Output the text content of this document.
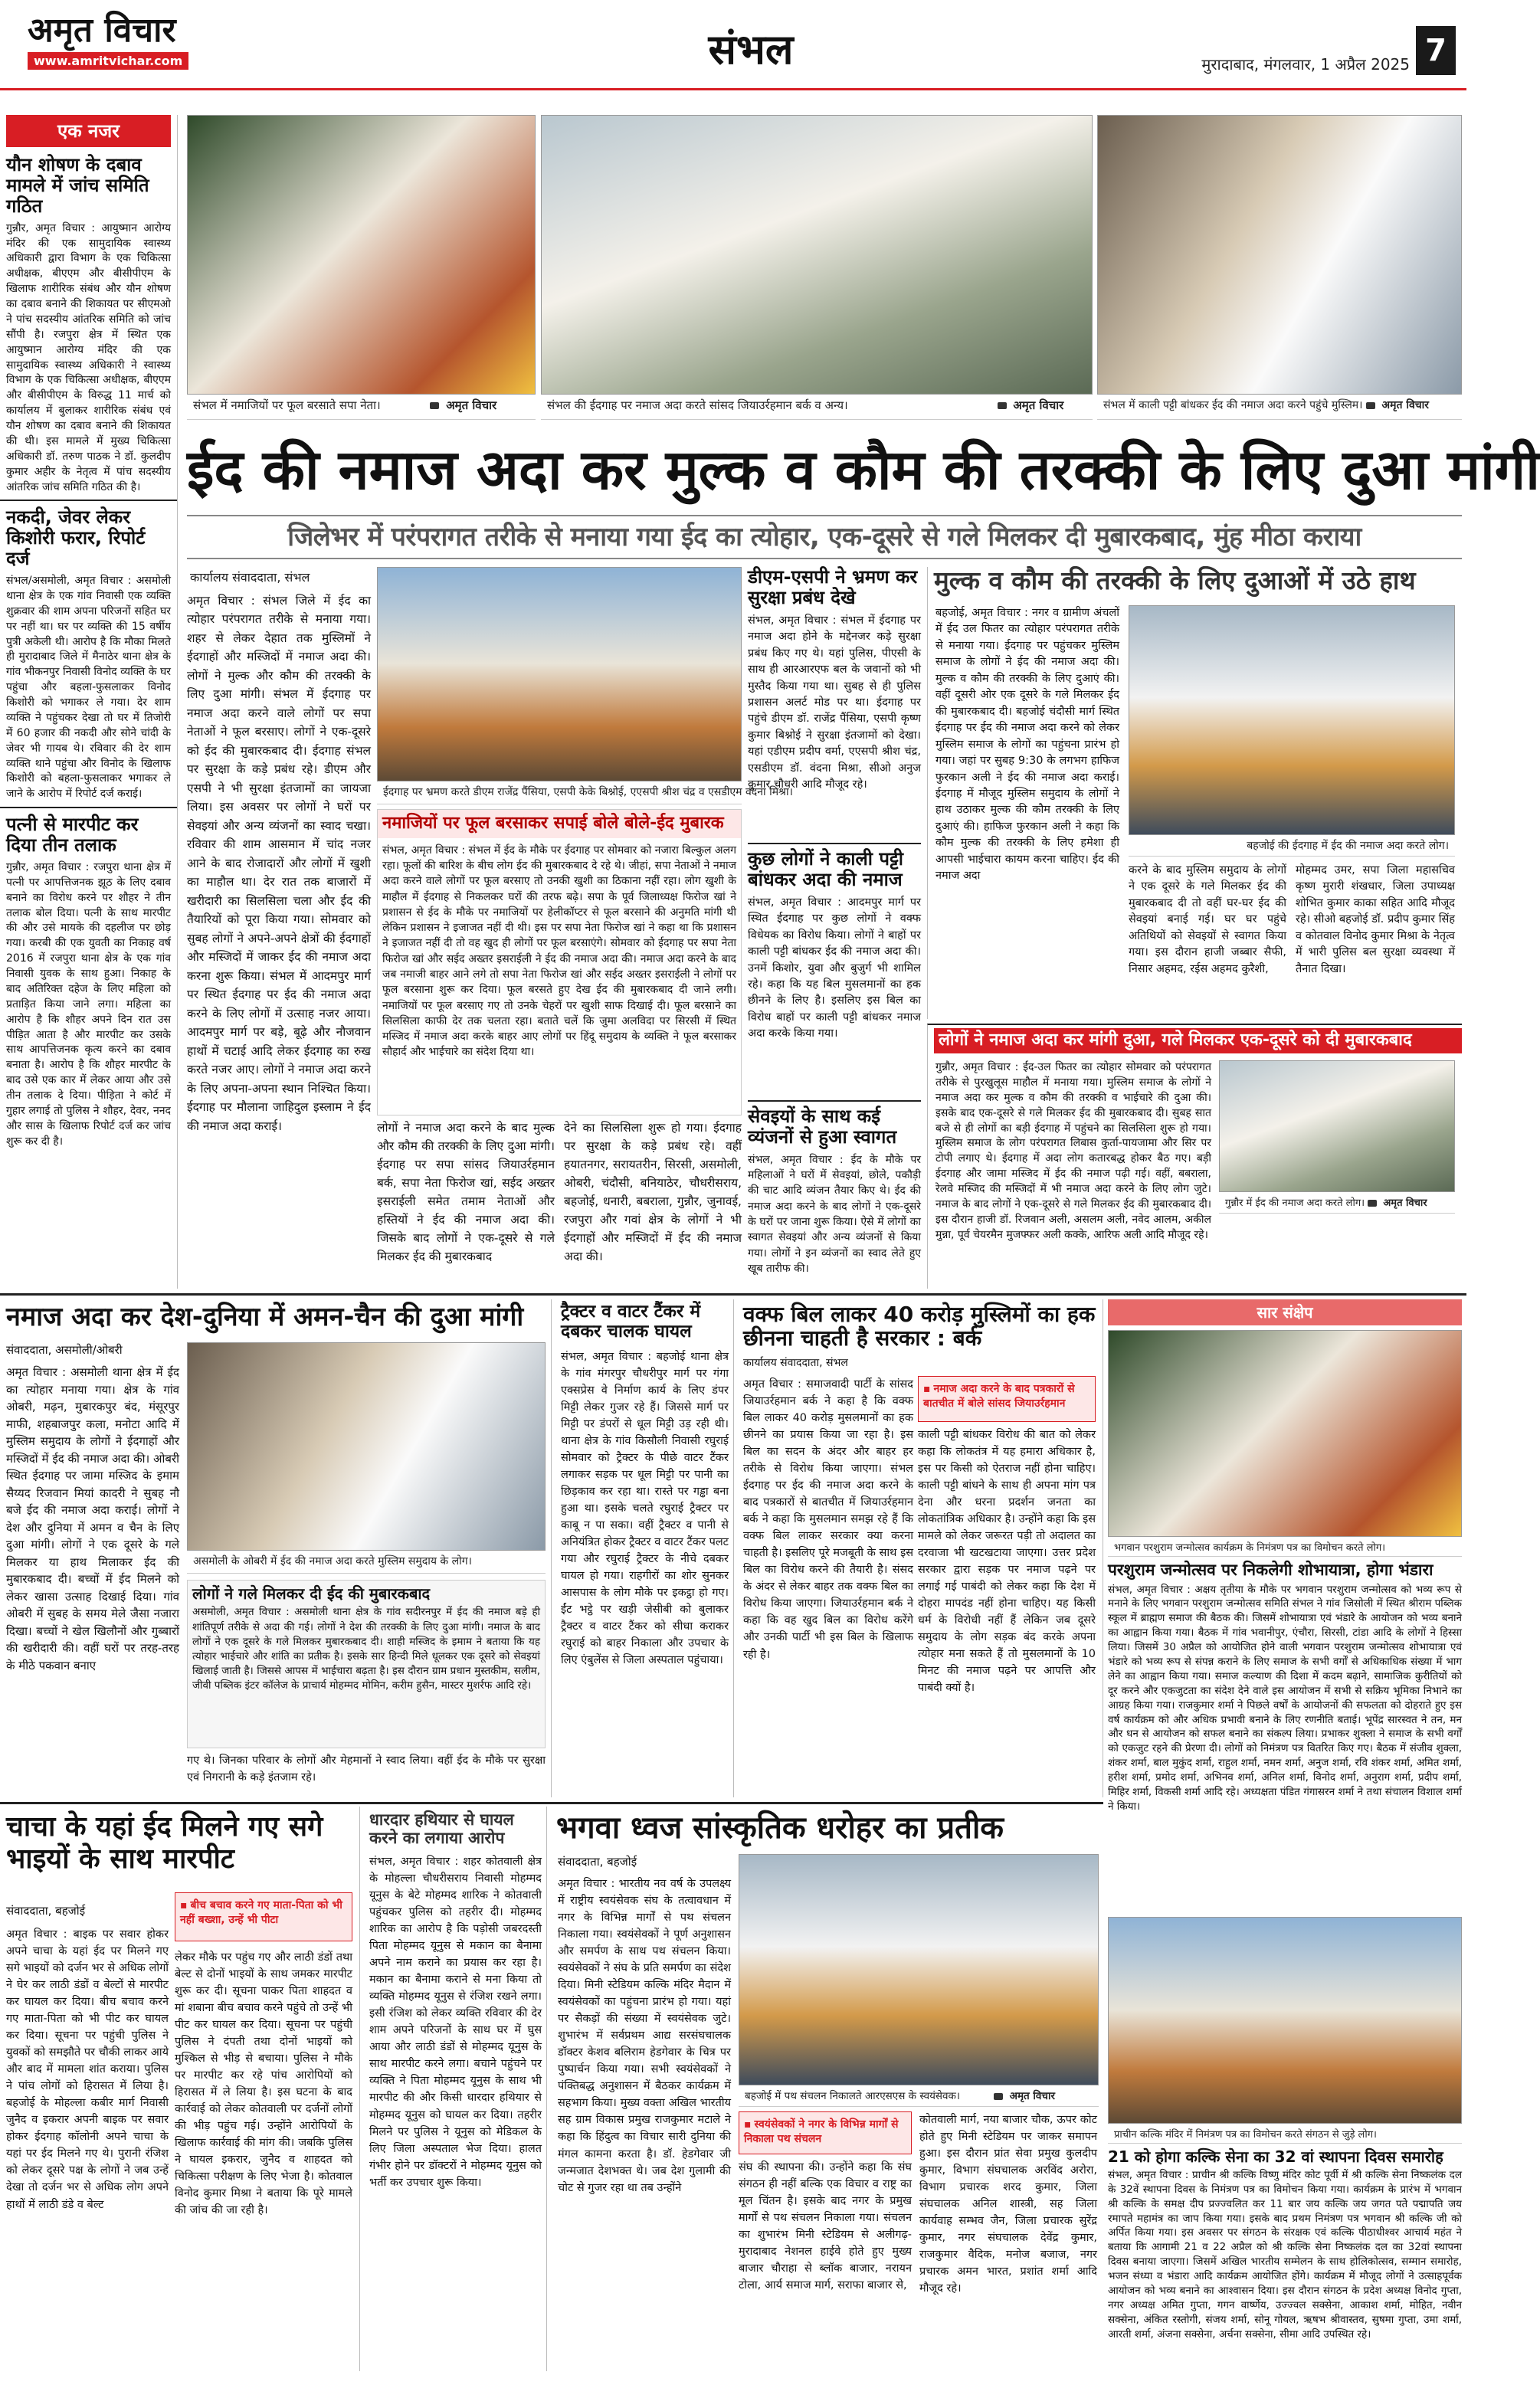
अमृत विचार
www.amritvichar.com	संभल	मुरादाबाद, मंगलवार, 1 अप्रैल 2025 7
एक नजर
यौन शोषण के दबाव मामले में जांच समिति गठित
गुन्नौर, अमृत विचार : आयुष्मान आरोग्य मंदिर की एक सामुदायिक स्वास्थ्य अधिकारी द्वारा विभाग के एक चिकित्सा अधीक्षक, बीएएम और बीसीपीएम के खिलाफ शारीरिक संबंध और यौन शोषण का दबाव बनाने की शिकायत पर सीएमओ ने पांच सदस्यीय आंतरिक समिति को जांच सौंपी है। रजपुरा क्षेत्र में स्थित एक आयुष्मान आरोग्य मंदिर की एक सामुदायिक स्वास्थ्य अधिकारी ने स्वास्थ्य विभाग के एक चिकित्सा अधीक्षक, बीएएम और बीसीपीएम के विरुद्ध 11 मार्च को कार्यालय में बुलाकर शारीरिक संबंध एवं यौन शोषण का दबाव बनाने की शिकायत की थी। इस मामले में मुख्य चिकित्सा अधिकारी डॉ. तरुण पाठक ने डॉ. कुलदीप कुमार अहीर के नेतृत्व में पांच सदस्यीय आंतरिक जांच समिति गठित की है।
नकदी, जेवर लेकर किशोरी फरार, रिपोर्ट दर्ज
संभल/असमोली, अमृत विचार : असमोली थाना क्षेत्र के एक गांव निवासी एक व्यक्ति शुक्रवार की शाम अपना परिजनों सहित घर पर नहीं था। घर पर व्यक्ति की 15 वर्षीय पुत्री अकेली थी। आरोप है कि मौका मिलते ही मुरादाबाद जिले में मैनाठेर थाना क्षेत्र के गांव भीकनपुर निवासी विनोद व्यक्ति के घर पहुंचा और बहला-फुसलाकर विनोद किशोरी को भगाकर ले गया। देर शाम व्यक्ति ने पहुंचकर देखा तो घर में तिजोरी में 60 हजार की नकदी और सोने चांदी के जेवर भी गायब थे। रविवार की देर शाम व्यक्ति थाने पहुंचा और विनोद के खिलाफ किशोरी को बहला-फुसलाकर भगाकर ले जाने के आरोप में रिपोर्ट दर्ज कराई।
पत्नी से मारपीट कर दिया तीन तलाक
गुन्नौर, अमृत विचार : रजपुरा थाना क्षेत्र में पत्नी पर आपत्तिजनक झूठ के लिए दबाव बनाने का विरोध करने पर शौहर ने तीन तलाक बोल दिया। पत्नी के साथ मारपीट की और उसे मायके की दहलीज पर छोड़ गया। करबी की एक युवती का निकाह वर्ष 2016 में रजपुरा थाना क्षेत्र के एक गांव निवासी युवक के साथ हुआ। निकाह के बाद अतिरिक्त दहेज के लिए महिला को प्रताड़ित किया जाने लगा। महिला का आरोप है कि शौहर अपने दिन रात उस पीड़ित आता है और मारपीट कर उसके साथ आपत्तिजनक कृत्य करने का दबाव बनाता है। आरोप है कि शौहर मारपीट के बाद उसे एक कार में लेकर आया और उसे तीन तलाक दे दिया। पीड़िता ने कोर्ट में गुहार लगाई तो पुलिस ने शौहर, देवर, ननद और सास के खिलाफ रिपोर्ट दर्ज कर जांच शुरू कर दी है।
संभल में नमाजियों पर फूल बरसाते सपा नेता।	अमृत विचार	संभल की ईदगाह पर नमाज अदा करते सांसद जियाउर्रहमान बर्क व अन्य।	अमृत विचार	संभल में काली पट्टी बांधकर ईद की नमाज अदा करने पहुंचे मुस्लिम। अमृत विचार
ईद की नमाज अदा कर मुल्क व कौम की तरक्की के लिए दुआ मांगी
जिलेभर में परंपरागत तरीके से मनाया गया ईद का त्योहार, एक-दूसरे से गले मिलकर दी मुबारकबाद, मुंह मीठा कराया
कार्यालय संवाददाता, संभल
अमृत विचार : संभल जिले में ईद का त्योहार परंपरागत तरीके से मनाया गया। शहर से लेकर देहात तक मुस्लिमों ने ईदगाहों और मस्जिदों में नमाज अदा की। लोगों ने मुल्क और कौम की तरक्की के लिए दुआ मांगी। संभल में ईदगाह पर नमाज अदा करने वाले लोगों पर सपा नेताओं ने फूल बरसाए। लोगों ने एक-दूसरे को ईद की मुबारकबाद दी। ईदगाह संभल पर सुरक्षा के कड़े प्रबंध रहे। डीएम और एसपी ने भी सुरक्षा इंतजामों का जायजा लिया। इस अवसर पर लोगों ने घरों पर सेवइयां और अन्य व्यंजनों का स्वाद चखा। रविवार की शाम आसमान में चांद नजर आने के बाद रोजादारों और लोगों में खुशी का माहौल था। देर रात तक बाजारों में खरीदारी का सिलसिला चला और ईद की तैयारियों को पूरा किया गया। सोमवार को सुबह लोगों ने अपने-अपने क्षेत्रों की ईदगाहों और मस्जिदों में जाकर ईद की नमाज अदा करना शुरू किया। संभल में आदमपुर मार्ग पर स्थित ईदगाह पर ईद की नमाज अदा करने के लिए लोगों में उत्साह नजर आया। आदमपुर मार्ग पर बड़े, बूढ़े और नौजवान हाथों में चटाई आदि लेकर ईदगाह का रुख करते नजर आए। लोगों ने नमाज अदा करने के लिए अपना-अपना स्थान निश्चित किया। ईदगाह पर मौलाना जाहिदुल इस्लाम ने ईद की नमाज अदा कराई।
ईदगाह पर भ्रमण करते डीएम राजेंद्र पैंसिया, एसपी केके बिश्नोई, एएसपी श्रीश चंद्र व एसडीएम वंदना मिश्रा।
नमाजियों पर फूल बरसाकर सपाई बोले बोले-ईद मुबारक
संभल, अमृत विचार : संभल में ईद के मौके पर ईदगाह पर सोमवार को नजारा बिल्कुल अलग रहा। फूलों की बारिश के बीच लोग ईद की मुबारकबाद दे रहे थे। जीहां, सपा नेताओं ने नमाज अदा करने वाले लोगों पर फूल बरसाए तो उनकी खुशी का ठिकाना नहीं रहा। लोग खुशी के माहौल में ईदगाह से निकलकर घरों की तरफ बढ़े। सपा के पूर्व जिलाध्यक्ष फिरोज खां ने प्रशासन से ईद के मौके पर नमाजियों पर हेलीकॉप्टर से फूल बरसाने की अनुमति मांगी थी लेकिन प्रशासन ने इजाजत नहीं दी थी। इस पर सपा नेता फिरोज खां ने कहा था कि प्रशासन ने इजाजत नहीं दी तो वह खुद ही लोगों पर फूल बरसाएंगे। सोमवार को ईदगाह पर सपा नेता फिरोज खां और सईद अख्तर इसराईली ने ईद की नमाज अदा की। नमाज अदा करने के बाद जब नमाजी बाहर आने लगे तो सपा नेता फिरोज खां और सईद अख्तर इसराईली ने लोगों पर फूल बरसाना शुरू कर दिया। फूल बरसते हुए देख ईद की मुबारकबाद दी जाने लगी। नमाजियों पर फूल बरसाए गए तो उनके चेहरों पर खुशी साफ दिखाई दी। फूल बरसाने का सिलसिला काफी देर तक चलता रहा। बताते चलें कि जुमा अलविदा पर सिरसी में स्थित मस्जिद में नमाज अदा करके बाहर आए लोगों पर हिंदू समुदाय के व्यक्ति ने फूल बरसाकर सौहार्द और भाईचारे का संदेश दिया था।
लोगों ने नमाज अदा करने के बाद मुल्क और कौम की तरक्की के लिए दुआ मांगी। ईदगाह पर सपा सांसद जियाउर्रहमान बर्क, सपा नेता फिरोज खां, सईद अख्तर इसराईली समेत तमाम नेताओं और हस्तियों ने ईद की नमाज अदा की। जिसके बाद लोगों ने एक-दूसरे से गले मिलकर ईद की मुबारकबाद
देने का सिलसिला शुरू हो गया। ईदगाह पर सुरक्षा के कड़े प्रबंध रहे। वहीं हयातनगर, सरायतरीन, सिरसी, असमोली, ओबरी, चंदौसी, बनियाठेर, चौधरीसराय, बहजोई, धनारी, बबराला, गुन्नौर, जुनावई, रजपुरा और गवां क्षेत्र के लोगों ने भी ईदगाहों और मस्जिदों में ईद की नमाज अदा की।
डीएम-एसपी ने भ्रमण कर सुरक्षा प्रबंध देखे
संभल, अमृत विचार : संभल में ईदगाह पर नमाज अदा होने के मद्देनजर कड़े सुरक्षा प्रबंध किए गए थे। यहां पुलिस, पीएसी के साथ ही आरआरएफ बल के जवानों को भी मुस्तैद किया गया था। सुबह से ही पुलिस प्रशासन अलर्ट मोड पर था। ईदगाह पर पहुंचे डीएम डॉ. राजेंद्र पैंसिया, एसपी कृष्ण कुमार बिश्नोई ने सुरक्षा इंतजामों को देखा। यहां एडीएम प्रदीप वर्मा, एएसपी श्रीश चंद्र, एसडीएम डॉ. वंदना मिश्रा, सीओ अनुज कुमार चौधरी आदि मौजूद रहे।
कुछ लोगों ने काली पट्टी बांधकर अदा की नमाज
संभल, अमृत विचार : आदमपुर मार्ग पर स्थित ईदगाह पर कुछ लोगों ने वक्फ विधेयक का विरोध किया। लोगों ने बाहों पर काली पट्टी बांधकर ईद की नमाज अदा की। उनमें किशोर, युवा और बुजुर्ग भी शामिल रहे। कहा कि यह बिल मुसलमानों का हक छीनने के लिए है। इसलिए इस बिल का विरोध बाहों पर काली पट्टी बांधकर नमाज अदा करके किया गया।
सेवइयों के साथ कई व्यंजनों से हुआ स्वागत
संभल, अमृत विचार : ईद के मौके पर महिलाओं ने घरों में सेवइयां, छोले, पकौड़ी की चाट आदि व्यंजन तैयार किए थे। ईद की नमाज अदा करने के बाद लोगों ने एक-दूसरे के घरों पर जाना शुरू किया। ऐसे में लोगों का स्वागत सेवइयां और अन्य व्यंजनों से किया गया। लोगों ने इन व्यंजनों का स्वाद लेते हुए खूब तारीफ की।
मुल्क व कौम की तरक्की के लिए दुआओं में उठे हाथ
बहजोई, अमृत विचार : नगर व ग्रामीण अंचलों में ईद उल फितर का त्योहार परंपरागत तरीके से मनाया गया। ईदगाह पर पहुंचकर मुस्लिम समाज के लोगों ने ईद की नमाज अदा की। मुल्क व कौम की तरक्की के लिए दुआएं की। वहीं दूसरी ओर एक दूसरे के गले मिलकर ईद की मुबारकबाद दी। बहजोई चंदौसी मार्ग स्थित ईदगाह पर ईद की नमाज अदा करने को लेकर मुस्लिम समाज के लोगों का पहुंचना प्रारंभ हो गया। जहां पर सुबह 9:30 के लगभग हाफिज फुरकान अली ने ईद की नमाज अदा कराई। ईदगाह में मौजूद मुस्लिम समुदाय के लोगों ने हाथ उठाकर मुल्क की कौम तरक्की के लिए दुआएं की। हाफिज फुरकान अली ने कहा कि कौम मुल्क की तरक्की के लिए हमेशा ही आपसी भाईचारा कायम करना चाहिए। ईद की नमाज अदा
बहजोई की ईदगाह में ईद की नमाज अदा करते लोग।
करने के बाद मुस्लिम समुदाय के लोगों ने एक दूसरे के गले मिलकर ईद की मुबारकबाद दी तो वहीं घर-घर ईद की सेवइयां बनाई गई। घर घर पहुंचे अतिथियों को सेवइयों से स्वागत किया गया। इस दौरान हाजी जब्बार सैफी, निसार अहमद, रईस अहमद कुरैशी,
मोहम्मद उमर, सपा जिला महासचिव कृष्ण मुरारी शंखधार, जिला उपाध्यक्ष शोभित कुमार काका सहित आदि मौजूद रहे। सीओ बहजोई डॉ. प्रदीप कुमार सिंह व कोतवाल विनोद कुमार मिश्रा के नेतृत्व में भारी पुलिस बल सुरक्षा व्यवस्था में तैनात दिखा।
लोगों ने नमाज अदा कर मांगी दुआ, गले मिलकर एक-दूसरे को दी मुबारकबाद
गुन्नौर, अमृत विचार : ईद-उल फितर का त्योहार सोमवार को परंपरागत तरीके से पुरखुलूस माहौल में मनाया गया। मुस्लिम समाज के लोगों ने नमाज अदा कर मुल्क व कौम की तरक्की व भाईचारे की दुआ की। इसके बाद एक-दूसरे से गले मिलकर ईद की मुबारकबाद दी। सुबह सात बजे से ही लोगों का बड़ी ईदगाह में पहुंचने का सिलसिला शुरू हो गया। मुस्लिम समाज के लोग परंपरागत लिबास कुर्ता-पायजामा और सिर पर टोपी लगाए थे। ईदगाह में अदा लोग कतारबद्ध होकर बैठ गए। बड़ी ईदगाह और जामा मस्जिद में ईद की नमाज पढ़ी गई। वहीं, बबराला, रेलवे मस्जिद की मस्जिदों में भी नमाज अदा करने के लिए लोग जुटे। नमाज के बाद लोगों ने एक-दूसरे से गले मिलकर ईद की मुबारकबाद दी। इस दौरान हाजी डॉ. रिजवान अली, असलम अली, नवेद आलम, अकील मुन्ना, पूर्व चेयरमैन मुजफ्फर अली कक्के, आरिफ अली आदि मौजूद रहे।
गुन्नौर में ईद की नमाज अदा करते लोग। अमृत विचार
नमाज अदा कर देश-दुनिया में अमन-चैन की दुआ मांगी
संवाददाता, असमोली/ओबरी
अमृत विचार : असमोली थाना क्षेत्र में ईद का त्योहार मनाया गया। क्षेत्र के गांव ओबरी, मढ़न, मुबारकपुर बंद, मंसूरपुर माफी, शहबाजपुर कला, मनोटा आदि में मुस्लिम समुदाय के लोगों ने ईदगाहों और मस्जिदों में ईद की नमाज अदा की। ओबरी स्थित ईदगाह पर जामा मस्जिद के इमाम सैय्यद रिजवान मियां कादरी ने सुबह नौ बजे ईद की नमाज अदा कराई। लोगों ने देश और दुनिया में अमन व चैन के लिए दुआ मांगी। लोगों ने एक दूसरे के गले मिलकर या हाथ मिलाकर ईद की मुबारकबाद दी। बच्चों में ईद मिलने को लेकर खासा उत्साह दिखाई दिया। गांव ओबरी में सुबह के समय मेले जैसा नजारा दिखा। बच्चों ने खेल खिलौनों और गुब्बारों की खरीदारी की। वहीं घरों पर तरह-तरह के मीठे पकवान बनाए
असमोली के ओबरी में ईद की नमाज अदा करते मुस्लिम समुदाय के लोग।
लोगों ने गले मिलकर दी ईद की मुबारकबाद
असमोली, अमृत विचार : असमोली थाना क्षेत्र के गांव सदीरनपुर में ईद की नमाज बड़े ही शांतिपूर्ण तरीके से अदा की गई। लोगों ने देश की तरक्की के लिए दुआ मांगी। नमाज के बाद लोगों ने एक दूसरे के गले मिलकर मुबारकबाद दी। शाही मस्जिद के इमाम ने बताया कि यह त्योहार भाईचारे और शांति का प्रतीक है। इसके सार हिन्दी मिले धूलकर एक दूसरे को सेवइयां खिलाई जाती है। जिससे आपस में भाईचारा बढ़ता है। इस दौरान ग्राम प्रधान मुस्तकीम, सलीम, जीवी पब्लिक इंटर कॉलेज के प्राचार्य मोहम्मद मोमिन, करीम हुसैन, मास्टर मुशर्रफ आदि रहे।
गए थे। जिनका परिवार के लोगों और मेहमानों ने स्वाद लिया। वहीं ईद के मौके पर सुरक्षा एवं निगरानी के कड़े इंतजाम रहे।
ट्रैक्टर व वाटर टैंकर में दबकर चालक घायल
संभल, अमृत विचार : बहजोई थाना क्षेत्र के गांव मंगरपुर चौधरीपुर मार्ग पर गंगा एक्सप्रेस वे निर्माण कार्य के लिए डंपर मिट्टी लेकर गुजर रहे हैं। जिससे मार्ग पर मिट्टी पर डंपरों से धूल मिट्टी उड़ रही थी। थाना क्षेत्र के गांव किसौली निवासी रघुराई सोमवार को ट्रैक्टर के पीछे वाटर टैंकर लगाकर सड़क पर धूल मिट्टी पर पानी का छिड़काव कर रहा था। रास्ते पर गड्ढा बना हुआ था। इसके चलते रघुराई ट्रैक्टर पर काबू न पा सका। वहीं ट्रैक्टर व पानी से अनियंत्रित होकर ट्रैक्टर व वाटर टैंकर पलट गया और रघुराई ट्रैक्टर के नीचे दबकर घायल हो गया। राहगीरों का शोर सुनकर आसपास के लोग मौके पर इकट्ठा हो गए। ईंट भट्ठे पर खड़ी जेसीबी को बुलाकर ट्रैक्टर व वाटर टैंकर को सीधा कराकर रघुराई को बाहर निकाला और उपचार के लिए एंबुलेंस से जिला अस्पताल पहुंचाया।
वक्फ बिल लाकर 40 करोड़ मुस्लिमों का हक छीनना चाहती है सरकार : बर्क
कार्यालय संवाददाता, संभल
▪ नमाज अदा करने के बाद पत्रकारों से बातचीत में बोले सांसद जियाउर्रहमान
अमृत विचार : समाजवादी पार्टी के सांसद जियाउर्रहमान बर्क ने कहा है कि वक्फ बिल लाकर 40 करोड़ मुसलमानों का हक छीनने का प्रयास किया जा रहा है। इस बिल का सदन के अंदर और बाहर हर तरीके से विरोध किया जाएगा। संभल ईदगाह पर ईद की नमाज अदा करने के बाद पत्रकारों से बातचीत में जियाउर्रहमान बर्क ने कहा कि मुसलमान समझ रहे हैं कि वक्फ बिल लाकर सरकार क्या करना चाहती है। इसलिए पूरे मजबूती के साथ इस बिल का विरोध करने की तैयारी है। संसद के अंदर से लेकर बाहर तक वक्फ बिल का विरोध किया जाएगा। जियाउर्रहमान बर्क ने कहा कि वह खुद बिल का विरोध करेंगे और उनकी पार्टी भी इस बिल के खिलाफ रही है।
काली पट्टी बांधकर विरोध की बात को लेकर कहा कि लोकतंत्र में यह हमारा अधिकार है, इस पर किसी को ऐतराज नहीं होना चाहिए। काली पट्टी बांधने के साथ ही अपना मांग पत्र देना और धरना प्रदर्शन जनता का लोकतांत्रिक अधिकार है। उन्होंने कहा कि इस मामले को लेकर जरूरत पड़ी तो अदालत का दरवाजा भी खटखटाया जाएगा। उत्तर प्रदेश सरकार द्वारा सड़क पर नमाज पढ़ने पर लगाई गई पाबंदी को लेकर कहा कि देश में दोहरा मापदंड नहीं होना चाहिए। यह किसी धर्म के विरोधी नहीं हैं लेकिन जब दूसरे समुदाय के लोग सड़क बंद करके अपना त्योहार मना सकते हैं तो मुसलमानों के 10 मिनट की नमाज पढ़ने पर आपत्ति और पाबंदी क्यों है।
सार संक्षेप
भगवान परशुराम जन्मोत्सव कार्यक्रम के निमंत्रण पत्र का विमोचन करते लोग।
परशुराम जन्मोत्सव पर निकलेगी शोभायात्रा, होगा भंडारा
संभल, अमृत विचार : अक्षय तृतीया के मौके पर भगवान परशुराम जन्मोत्सव को भव्य रूप से मनाने के लिए भगवान परशुराम जन्मोत्सव समिति संभल ने गांव जिसोली में स्थित श्रीराम पब्लिक स्कूल में ब्राह्मण समाज की बैठक की। जिसमें शोभायात्रा एवं भंडारे के आयोजन को भव्य बनाने का आह्वान किया गया। बैठक में गांव भवानीपुर, एंचौरा, सिरसी, टांडा आदि के लोगों ने हिस्सा लिया। जिसमें 30 अप्रैल को आयोजित होने वाली भगवान परशुराम जन्मोत्सव शोभायात्रा एवं भंडारे को भव्य रूप से संपन्न कराने के लिए समाज के सभी वर्गों से अधिकाधिक संख्या में भाग लेने का आह्वान किया गया। समाज कल्याण की दिशा में कदम बढ़ाने, सामाजिक कुरीतियों को दूर करने और एकजुटता का संदेश देने वाले इस आयोजन में सभी से सक्रिय भूमिका निभाने का आग्रह किया गया। राजकुमार शर्मा ने पिछले वर्षों के आयोजनों की सफलता को दोहराते हुए इस वर्ष कार्यक्रम को और अधिक प्रभावी बनाने के लिए रणनीति बताई। भूपेंद्र सारस्वत ने तन, मन और धन से आयोजन को सफल बनाने का संकल्प लिया। प्रभाकर शुक्ला ने समाज के सभी वर्गों को एकजुट रहने की प्रेरणा दी। लोगों को निमंत्रण पत्र वितरित किए गए। बैठक में संजीव शुक्ला, शंकर शर्मा, बाल मुकुंद शर्मा, राहुल शर्मा, नमन शर्मा, अनुज शर्मा, रवि शंकर शर्मा, अमित शर्मा, हरीश शर्मा, प्रमोद शर्मा, अभिनव शर्मा, अनिल शर्मा, विनोद शर्मा, अनुराग शर्मा, प्रदीप शर्मा, मिहिर शर्मा, विकसी शर्मा आदि रहे। अध्यक्षता पंडित गंगासरन शर्मा ने तथा संचालन विशाल शर्मा ने किया।
प्राचीन कल्कि मंदिर में निमंत्रण पत्र का विमोचन करते संगठन से जुड़े लोग।
21 को होगा कल्कि सेना का 32 वां स्थापना दिवस समारोह
संभल, अमृत विचार : प्राचीन श्री कल्कि विष्णु मंदिर कोट पूर्वी में श्री कल्कि सेना निष्कलंक दल के 32वें स्थापना दिवस के निमंत्रण पत्र का विमोचन किया गया। कार्यक्रम के प्रारंभ में भगवान श्री कल्कि के समक्ष दीप प्रज्ज्वलित कर 11 बार जय कल्कि जय जगत पते पद्मापति जय रमापते महामंत्र का जाप किया गया। इसके बाद प्रथम निमंत्रण पत्र भगवान श्री कल्कि जी को अर्पित किया गया। इस अवसर पर संगठन के संरक्षक एवं कल्कि पीठाधीश्वर आचार्य महंत ने बताया कि आगामी 21 व 22 अप्रैल को श्री कल्कि सेना निष्कलंक दल का 32वां स्थापना दिवस बनाया जाएगा। जिसमें अखिल भारतीय सम्मेलन के साथ होलिकोत्सव, सम्मान समारोह, भजन संध्या व भंडारा आदि कार्यक्रम आयोजित होंगे। कार्यक्रम में मौजूद लोगों ने उत्साहपूर्वक आयोजन को भव्य बनाने का आश्वासन दिया। इस दौरान संगठन के प्रदेश अध्यक्ष विनोद गुप्ता, नगर अध्यक्ष अमित गुप्ता, गगन वार्ष्णेय, उज्ज्वल सक्सेना, आकाश शर्मा, मोहित, नवीन सक्सेना, अंकित रस्तोगी, संजय शर्मा, सोनू गोयल, ऋषभ श्रीवास्तव, सुषमा गुप्ता, उमा शर्मा, आरती शर्मा, अंजना सक्सेना, अर्चना सक्सेना, सीमा आदि उपस्थित रहे।
चाचा के यहां ईद मिलने गए सगे भाइयों के साथ मारपीट
▪ बीच बचाव करने गए माता-पिता को भी नहीं बख्शा, उन्हें भी पीटा
संवाददाता, बहजोई
अमृत विचार : बाइक पर सवार होकर अपने चाचा के यहां ईद पर मिलने गए सगे भाइयों को दर्जन भर से अधिक लोगों ने घेर कर लाठी डंडों व बेल्टों से मारपीट कर घायल कर दिया। बीच बचाव करने गए माता-पिता को भी पीट कर घायल कर दिया। सूचना पर पहुंची पुलिस ने युवकों को समझौते पर चौकी लाकर आये और बाद में मामला शांत कराया। पुलिस ने पांच लोगों को हिरासत में लिया है। बहजोई के मोहल्ला कबीर मार्ग निवासी जुनैद व इकरार अपनी बाइक पर सवार होकर ईदगाह कॉलोनी अपने चाचा के यहां पर ईद मिलने गए थे। पुरानी रंजिश को लेकर दूसरे पक्ष के लोगों ने जब उन्हें देखा तो दर्जन भर से अधिक लोग अपने हाथों में लाठी डंडे व बेल्ट
लेकर मौके पर पहुंच गए और लाठी डंडों तथा बेल्ट से दोनों भाइयों के साथ जमकर मारपीट शुरू कर दी। सूचना पाकर पिता शाहदत व मां शबाना बीच बचाव करने पहुंचे तो उन्हें भी पीट कर घायल कर दिया। सूचना पर पहुंची पुलिस ने दंपती तथा दोनों भाइयों को मुश्किल से भीड़ से बचाया। पुलिस ने मौके पर मारपीट कर रहे पांच आरोपियों को हिरासत में ले लिया है। इस घटना के बाद कार्रवाई को लेकर कोतवाली पर दर्जनों लोगों की भीड़ पहुंच गई। उन्होंने आरोपियों के खिलाफ कार्रवाई की मांग की। जबकि पुलिस ने घायल इकरार, जुनैद व शाहदत को चिकित्सा परीक्षण के लिए भेजा है। कोतवाल विनोद कुमार मिश्रा ने बताया कि पूरे मामले की जांच की जा रही है।
धारदार हथियार से घायल करने का लगाया आरोप
संभल, अमृत विचार : शहर कोतवाली क्षेत्र के मोहल्ला चौधरीसराय निवासी मोहम्मद यूनुस के बेटे मोहम्मद शारिक ने कोतवाली पहुंचकर पुलिस को तहरीर दी। मोहम्मद शारिक का आरोप है कि पड़ोसी जबरदस्ती पिता मोहम्मद यूनुस से मकान का बैनामा अपने नाम कराने का प्रयास कर रहा है। मकान का बैनामा कराने से मना किया तो व्यक्ति मोहम्मद यूनुस से रंजिश रखने लगा। इसी रंजिश को लेकर व्यक्ति रविवार की देर शाम अपने परिजनों के साथ घर में घुस आया और लाठी डंडों से मोहम्मद यूनुस के साथ मारपीट करने लगा। बचाने पहुंचने पर व्यक्ति ने पिता मोहम्मद यूनुस के साथ भी मारपीट की और किसी धारदार हथियार से मोहम्मद यूनुस को घायल कर दिया। तहरीर मिलने पर पुलिस ने यूनुस को मेडिकल के लिए जिला अस्पताल भेज दिया। हालत गंभीर होने पर डॉक्टरों ने मोहम्मद यूनुस को भर्ती कर उपचार शुरू किया।
भगवा ध्वज सांस्कृतिक धरोहर का प्रतीक
संवाददाता, बहजोई
अमृत विचार : भारतीय नव वर्ष के उपलक्ष्य में राष्ट्रीय स्वयंसेवक संघ के तत्वावधान में नगर के विभिन्न मार्गों से पथ संचलन निकाला गया। स्वयंसेवकों ने पूर्ण अनुशासन और समर्पण के साथ पथ संचलन किया। स्वयंसेवकों ने संघ के प्रति समर्पण का संदेश दिया। मिनी स्टेडियम कल्कि मंदिर मैदान में स्वयंसेवकों का पहुंचना प्रारंभ हो गया। यहां पर सैकड़ों की संख्या में स्वयंसेवक जुटे। शुभारंभ में सर्वप्रथम आद्य सरसंघचालक डॉक्टर केशव बलिराम हेडगेवार के चित्र पर पुष्पार्चन किया गया। सभी स्वयंसेवकों ने पंक्तिबद्ध अनुशासन में बैठकर कार्यक्रम में सहभाग किया। मुख्य वक्ता अखिल भारतीय सह ग्राम विकास प्रमुख राजकुमार मटाले ने कहा कि हिंदुत्व का विचार सारी दुनिया की मंगल कामना करता है। डॉ. हेडगेवार जी जन्मजात देशभक्त थे। जब देश गुलामी की चोट से गुजर रहा था तब उन्होंने
बहजोई में पथ संचलन निकालते आरएसएस के स्वयंसेवक।	अमृत विचार
▪ स्वयंसेवकों ने नगर के विभिन्न मार्गों से निकाला पथ संचलन
संघ की स्थापना की। उन्होंने कहा कि संघ संगठन ही नहीं बल्कि एक विचार व राष्ट्र का मूल चिंतन है। इसके बाद नगर के प्रमुख मार्गों से पथ संचलन निकाला गया। संचलन का शुभारंभ मिनी स्टेडियम से अलीगढ़-मुरादाबाद नेशनल हाईवे होते हुए मुख्य बाजार चौराहा से ब्लॉक बाजार, नरायन टोला, आर्य समाज मार्ग, सराफा बाजार से,
कोतवाली मार्ग, नया बाजार चौक, ऊपर कोट होते हुए मिनी स्टेडियम पर जाकर समापन हुआ। इस दौरान प्रांत सेवा प्रमुख कुलदीप कुमार, विभाग संघचालक अरविंद अरोरा, विभाग प्रचारक शरद कुमार, जिला संघचालक अनिल शास्त्री, सह जिला कार्यवाह सम्भव जैन, जिला प्रचारक सुरेंद्र कुमार, नगर संघचालक देवेंद्र कुमार, राजकुमार वैदिक, मनोज बजाज, नगर प्रचारक अमन भारत, प्रशांत शर्मा आदि मौजूद रहे।
